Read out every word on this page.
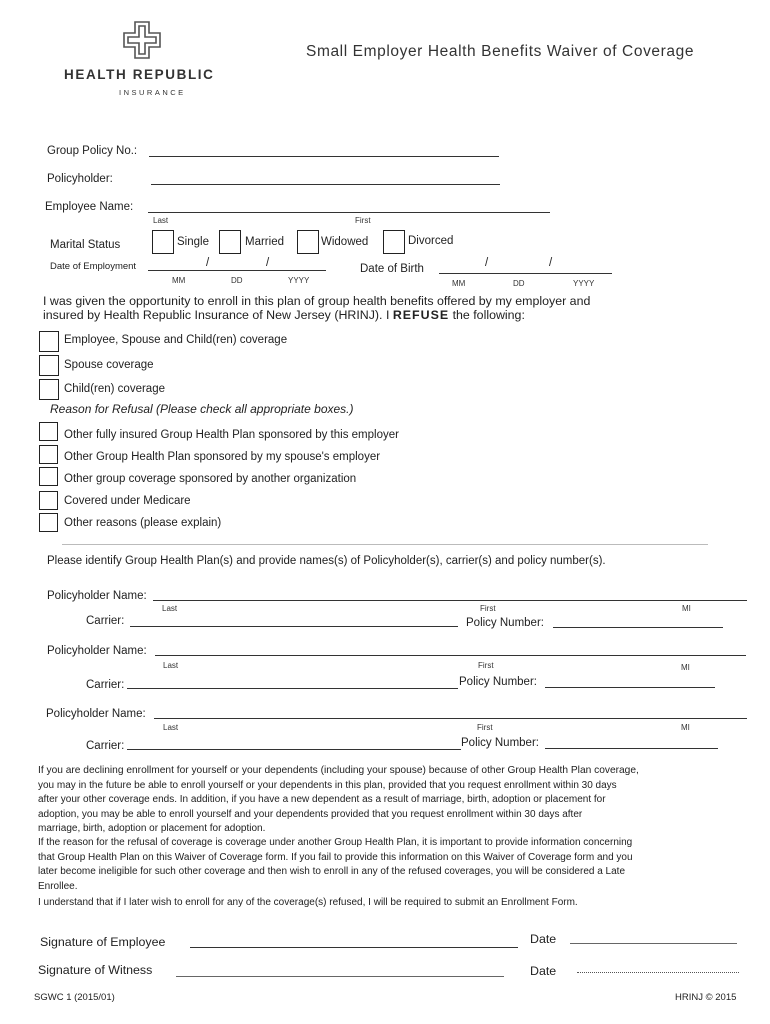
HEALTH REPUBLIC
INSURANCE
Small Employer Health Benefits Waiver of Coverage
Group Policy No.:
Policyholder:
Employee Name:
Last	First
Marital Status	Single	Married	Widowed	Divorced
Date of Employment	/	/
MM	DD	YYYY
Date of Birth	/	/
MM	DD	YYYY
I was given the opportunity to enroll in this plan of group health benefits offered by my employer and
insured by Health Republic Insurance of New Jersey (HRINJ). I REFUSE the following:
Employee, Spouse and Child(ren) coverage
Spouse coverage
Child(ren) coverage
Reason for Refusal (Please check all appropriate boxes.)
Other fully insured Group Health Plan sponsored by this employer
Other Group Health Plan sponsored by my spouse's employer
Other group coverage sponsored by another organization
Covered under Medicare
Other reasons (please explain)
Please identify Group Health Plan(s) and provide names(s) of Policyholder(s), carrier(s) and policy number(s).
Policyholder Name:
Last	First	MI
Carrier:	Policy Number:
Policyholder Name:
Last	First	MI
Carrier:	Policy Number:
Policyholder Name:
Last	First	MI
Carrier:	Policy Number:
If you are declining enrollment for yourself or your dependents (including your spouse) because of other Group Health Plan coverage,
you may in the future be able to enroll yourself or your dependents in this plan, provided that you request enrollment within 30 days
after your other coverage ends. In addition, if you have a new dependent as a result of marriage, birth, adoption or placement for
adoption, you may be able to enroll yourself and your dependents provided that you request enrollment within 30 days after
marriage, birth, adoption or placement for adoption.
If the reason for the refusal of coverage is coverage under another Group Health Plan, it is important to provide information concerning
that Group Health Plan on this Waiver of Coverage form. If you fail to provide this information on this Waiver of Coverage form and you
later become ineligible for such other coverage and then wish to enroll in any of the refused coverages, you will be considered a Late
Enrollee.
I understand that if I later wish to enroll for any of the coverage(s) refused, I will be required to submit an Enrollment Form.
Signature of Employee	Date
Signature of Witness	Date
SGWC 1 (2015/01)	HRINJ © 2015
